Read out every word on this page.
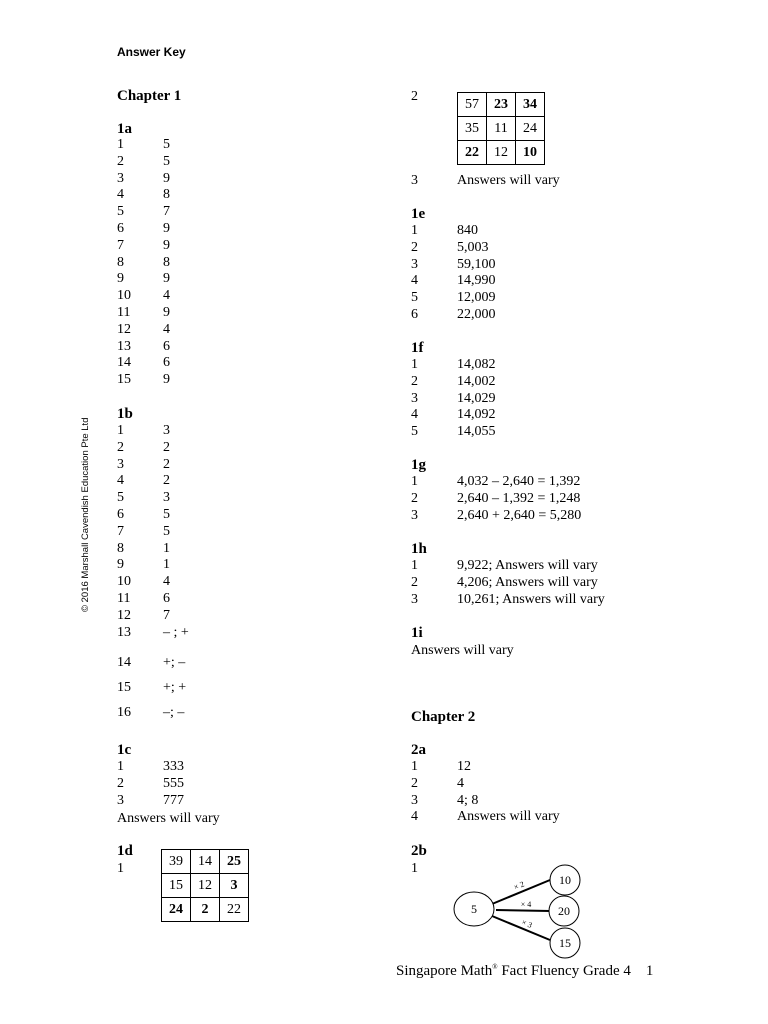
Answer Key
© 2016 Marshall Cavendish Education Pte Ltd
Chapter 1
1a
1	5
2	5
3	9
4	8
5	7
6	9
7	9
8	8
9	9
10 4
11 9
12 4
13 6
14 6
15 9
1b
1	3
2	2
3	2
4	2
5	3
6	5
7	5
8	1
9	1
10 4
11 6
12 7
13 – ; +
14 +; –
15 +; +
16 –; –
1c
1	333
2	555
3	777
Answers will vary
1d
1	39	14	25
15	12	3
24	2	22
2	57	23	34
35	11	24
22	12	10
3	Answers will vary
1e
1	840
2	5,003
3	59,100
4	14,990
5	12,009
6	22,000
1f
1	14,082
2	14,002
3	14,029
4	14,092
5	14,055
1g
1	4,032 – 2,640 = 1,392
2	2,640 – 1,392 = 1,248
3	2,640 + 2,640 = 5,280
1h
1	9,922; Answers will vary
2	4,206; Answers will vary
3	10,261; Answers will vary
1i
Answers will vary
Chapter 2
2a
1	12
2	4
3	4; 8
4	Answers will vary
2b
1
5
10
20
15
× 2
× 4
× 3
Singapore Math® Fact Fluency Grade 4 1
